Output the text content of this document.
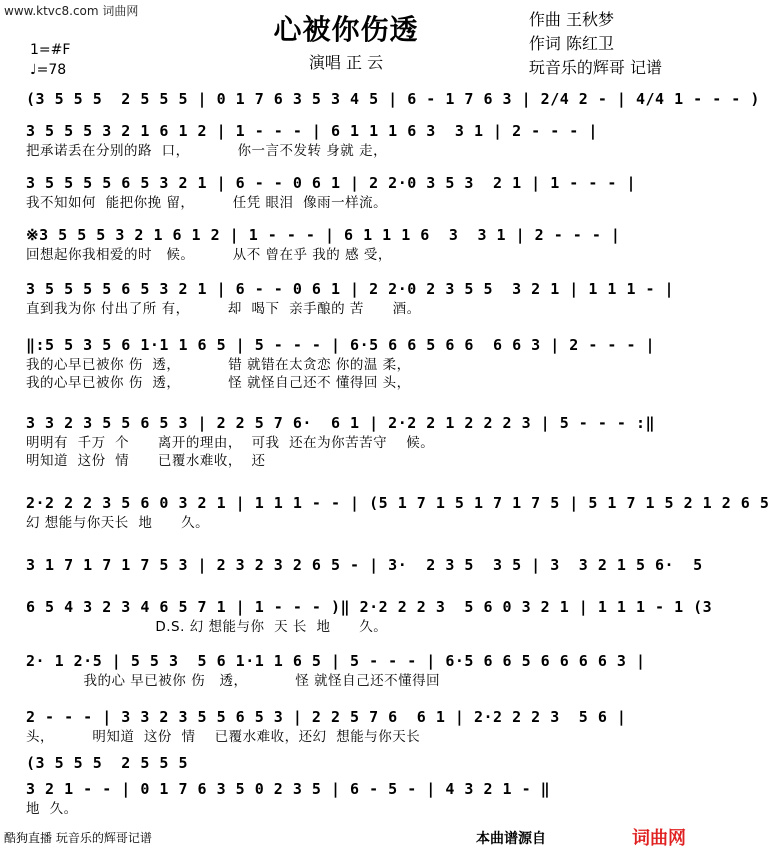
www.ktvc8.com 词曲网
心被你伤透
演唱 正 云
作曲 王秋梦
作词 陈红卫
玩音乐的辉哥 记谱
1=#F
♩=78
(3 5 5 5  2 5 5 5 | 0 1 7 6 3 5 3 4 5 | 6 - 1 7 6 3 | 2/4 2 - | 4/4 1 - - - )
3 5 5 5 3 2 1 6 1 2 | 1 - - - | 6 1 1 1 6 3  3 1 | 2 - - - |
把承诺丢在分别的路  口，          你一言不发转 身就 走，
3 5 5 5 5 6 5 3 2 1 | 6 - - 0 6 1 | 2 2·0 3 5 3  2 1 | 1 - - - |
我不知如何  能把你挽 留，        任凭 眼泪  像雨一样流。
※3 5 5 5 3 2 1 6 1 2 | 1 - - - | 6 1 1 1 6  3  3 1 | 2 - - - |
回想起你我相爱的时   候。        从不 曾在乎 我的 感 受，
3 5 5 5 5 6 5 3 2 1 | 6 - - 0 6 1 | 2 2·0 2 3 5 5  3 2 1 | 1 1 1 - |
直到我为你 付出了所 有，        却  喝下  亲手酿的 苦      酒。
‖:5 5 3 5 6 1·1 1 6 5 | 5 - - - | 6·5 6 6 5 6 6  6 6 3 | 2 - - - |
我的心早已被你 伤  透，          错 就错在太贪恋 你的温 柔，
我的心早已被你 伤  透，          怪 就怪自己还不 懂得回 头，
3 3 2 3 5 5 6 5 3 | 2 2 5 7 6·  6 1 | 2·2 2 1 2 2 2 3 | 5 - - - :‖
明明有  千万  个      离开的理由，  可我  还在为你苦苦守    候。
明知道  这份  情      已覆水难收，  还
2·2 2 2 3 5 6 0 3 2 1 | 1 1 1 - - | (5 1 7 1 5 1 7 1 7 5 | 5 1 7 1 5 2 1 2 6 5
幻 想能与你天长  地      久。
3 1 7 1 7 1 7 5 3 | 2 3 2 3 2 6 5 - | 3·  2 3 5  3 5 | 3  3 2 1 5 6·  5
6 5 4 3 2 3 4 6 5 7 1 | 1 - - - )‖ 2·2 2 2 3  5 6 0 3 2 1 | 1 1 1 - 1 (3
D.S. 幻 想能与你  天 长  地      久。
2· 1 2·5 | 5 5 3  5 6 1·1 1 6 5 | 5 - - - | 6·5 6 6 5 6 6 6 6 3 |
我的心 早已被你 伤   透，          怪 就怪自己还不懂得回
2 - - - | 3 3 2 3 5 5 6 5 3 | 2 2 5 7 6  6 1 | 2·2 2 2 3  5 6 |
头，        明知道  这份  情    已覆水难收，还幻  想能与你天长
(3 5 5 5  2 5 5 5
3 2 1 - - | 0 1 7 6 3 5 0 2 3 5 | 6 - 5 - | 4 3 2 1 - ‖
地  久。
酷狗直播 玩音乐的辉哥记谱	本曲谱源自	词曲网
